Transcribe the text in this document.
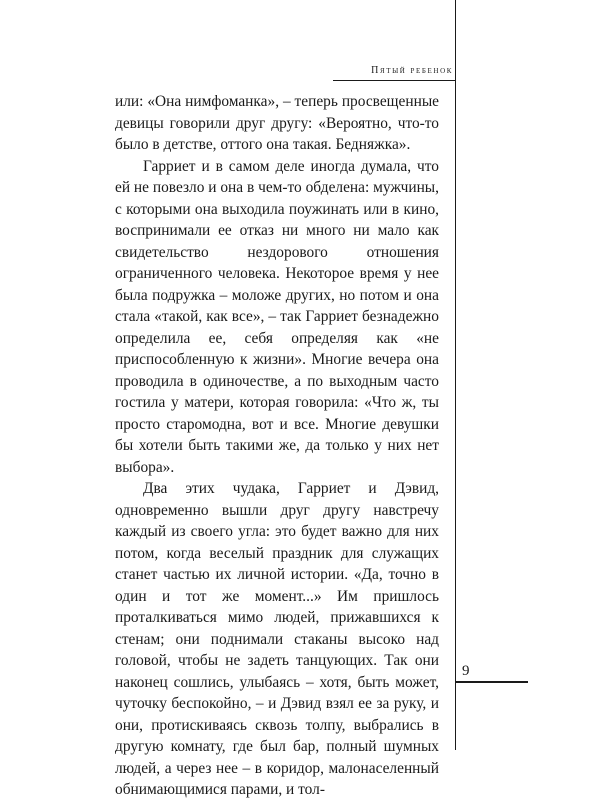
Пятый ребенок

или: «Она нимфоманка», – теперь просвещенные девицы говорили друг другу: «Вероятно, что-то было в детстве, оттого она такая. Бедняжка».

Гарриет и в самом деле иногда думала, что ей не повезло и она в чем-то обделена: мужчины, с которыми она выходила поужинать или в кино, воспринимали ее отказ ни много ни мало как свидетельство нездорового отношения ограниченного человека. Некоторое время у нее была подружка – моложе других, но потом и она стала «такой, как все», – так Гарриет безнадежно определила ее, себя определяя как «не приспособленную к жизни». Многие вечера она проводила в одиночестве, а по выходным часто гостила у матери, которая говорила: «Что ж, ты просто старомодна, вот и все. Многие девушки бы хотели быть такими же, да только у них нет выбора».

Два этих чудака, Гарриет и Дэвид, одновременно вышли друг другу навстречу каждый из своего угла: это будет важно для них потом, когда веселый праздник для служащих станет частью их личной истории. «Да, точно в один и тот же момент...» Им пришлось проталкиваться мимо людей, прижавшихся к стенам; они поднимали стаканы высоко над головой, чтобы не задеть танцующих. Так они наконец сошлись, улыбаясь – хотя, быть может, чуточку беспокойно, – и Дэвид взял ее за руку, и они, протискиваясь сквозь толпу, выбрались в другую комнату, где был бар, полный шумных людей, а через нее – в коридор, малонаселенный обнимающимися парами, и тол-

9
